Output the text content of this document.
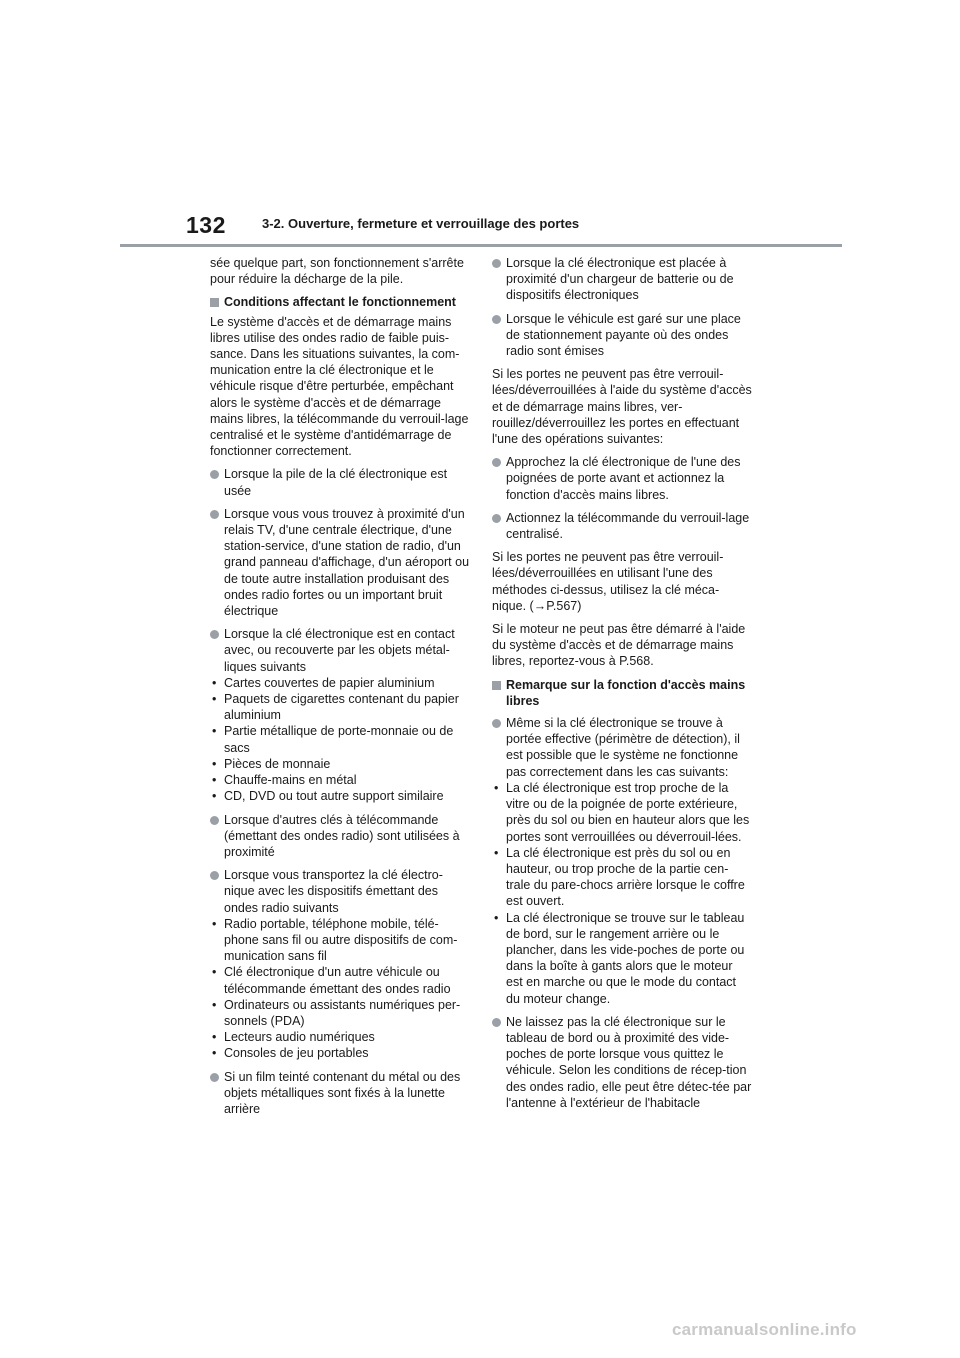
132	3-2. Ouverture, fermeture et verrouillage des portes

sée quelque part, son fonctionnement s'arrête pour réduire la décharge de la pile.

Conditions affectant le fonctionnement

Le système d'accès et de démarrage mains libres utilise des ondes radio de faible puis-sance. Dans les situations suivantes, la com-munication entre la clé électronique et le véhicule risque d'être perturbée, empêchant alors le système d'accès et de démarrage mains libres, la télécommande du verrouil-lage centralisé et le système d'antidémarrage de fonctionner correctement.

Lorsque la pile de la clé électronique est usée
Lorsque vous vous trouvez à proximité d'un relais TV, d'une centrale électrique, d'une station-service, d'une station de radio, d'un grand panneau d'affichage, d'un aéroport ou de toute autre installation produisant des ondes radio fortes ou un important bruit électrique
Lorsque la clé électronique est en contact avec, ou recouverte par les objets métal-liques suivants
• Cartes couvertes de papier aluminium
• Paquets de cigarettes contenant du papier aluminium
• Partie métallique de porte-monnaie ou de sacs
• Pièces de monnaie
• Chauffe-mains en métal
• CD, DVD ou tout autre support similaire
Lorsque d'autres clés à télécommande (émettant des ondes radio) sont utilisées à proximité
Lorsque vous transportez la clé électro-nique avec les dispositifs émettant des ondes radio suivants
• Radio portable, téléphone mobile, télé-phone sans fil ou autre dispositifs de com-munication sans fil
• Clé électronique d'un autre véhicule ou télécommande émettant des ondes radio
• Ordinateurs ou assistants numériques per-sonnels (PDA)
• Lecteurs audio numériques
• Consoles de jeu portables
Si un film teinté contenant du métal ou des objets métalliques sont fixés à la lunette arrière
Lorsque la clé électronique est placée à proximité d'un chargeur de batterie ou de dispositifs électroniques
Lorsque le véhicule est garé sur une place de stationnement payante où des ondes radio sont émises

Si les portes ne peuvent pas être verrouil-lées/déverrouillées à l'aide du système d'accès et de démarrage mains libres, ver-rouillez/déverrouillez les portes en effectuant l'une des opérations suivantes:

Approchez la clé électronique de l'une des poignées de porte avant et actionnez la fonction d'accès mains libres.
Actionnez la télécommande du verrouil-lage centralisé.

Si les portes ne peuvent pas être verrouil-lées/déverrouillées en utilisant l'une des méthodes ci-dessus, utilisez la clé méca-nique. (→P.567)

Si le moteur ne peut pas être démarré à l'aide du système d'accès et de démarrage mains libres, reportez-vous à P.568.

Remarque sur la fonction d'accès mains libres
Même si la clé électronique se trouve à portée effective (périmètre de détection), il est possible que le système ne fonctionne pas correctement dans les cas suivants:
• La clé électronique est trop proche de la vitre ou de la poignée de porte extérieure, près du sol ou bien en hauteur alors que les portes sont verrouillées ou déverrouil-lées.
• La clé électronique est près du sol ou en hauteur, ou trop proche de la partie cen-trale du pare-chocs arrière lorsque le coffre est ouvert.
• La clé électronique se trouve sur le tableau de bord, sur le rangement arrière ou le plancher, dans les vide-poches de porte ou dans la boîte à gants alors que le moteur est en marche ou que le mode du contact du moteur change.
Ne laissez pas la clé électronique sur le tableau de bord ou à proximité des vide-poches de porte lorsque vous quittez le véhicule. Selon les conditions de récep-tion des ondes radio, elle peut être détec-tée par l'antenne à l'extérieur de l'habitacle
carmanualsonline.info
